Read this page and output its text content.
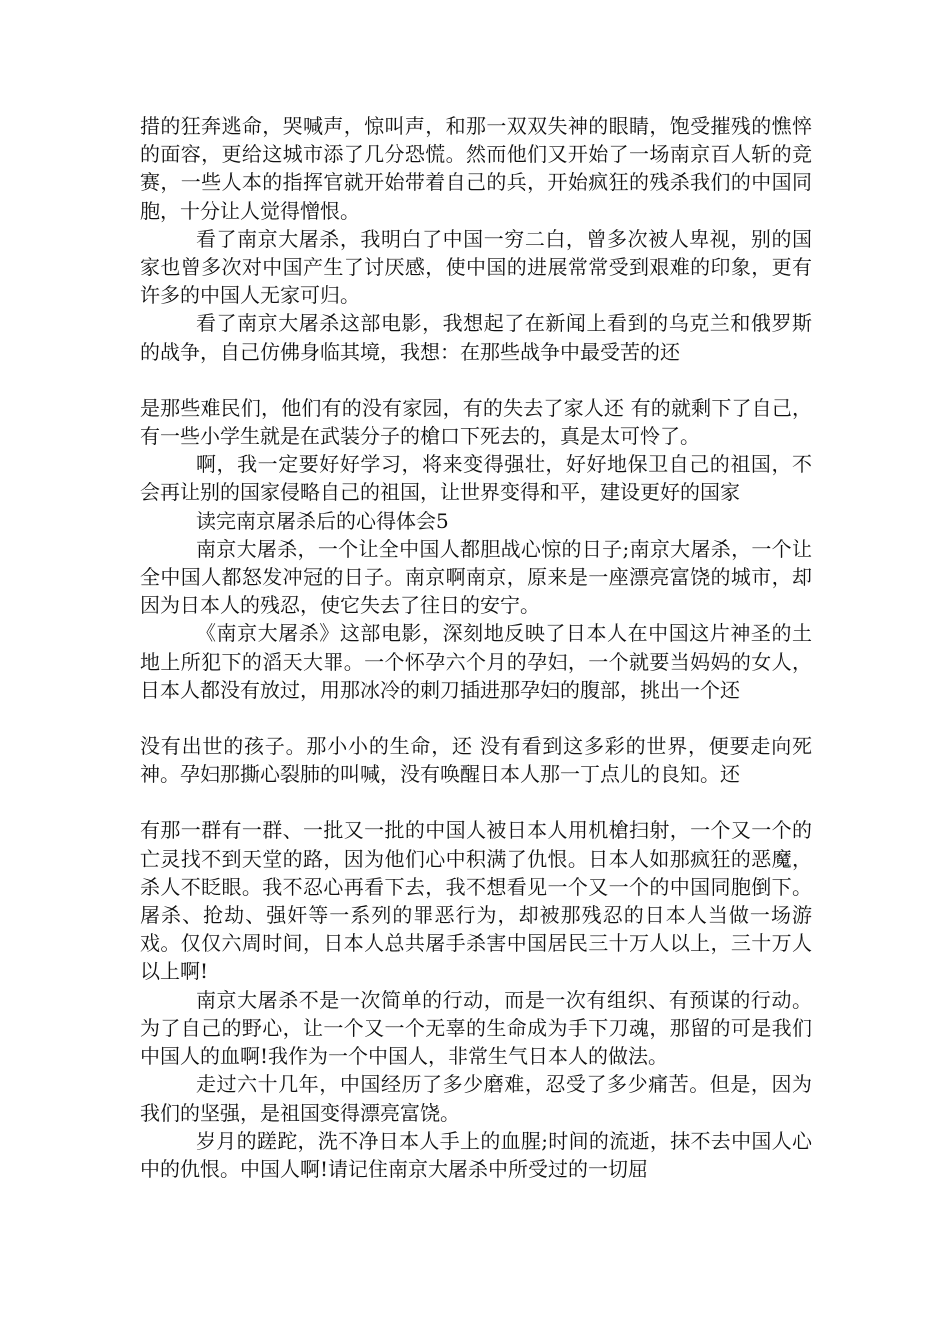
措的狂奔逃命，哭喊声，惊叫声，和那一双双失神的眼睛，饱受摧残的憔悴的面容，更给这城市添了几分恐慌。然而他们又开始了一场南京百人斩的竞赛，一些人本的指挥官就开始带着自己的兵，开始疯狂的残杀我们的中国同胞，十分让人觉得憎恨。

看了南京大屠杀，我明白了中国一穷二白，曾多次被人卑视，别的国家也曾多次对中国产生了讨厌感，使中国的进展常常受到艰难的印象，更有许多的中国人无家可归。

看了南京大屠杀这部电影，我想起了在新闻上看到的乌克兰和俄罗斯的战争，自己仿佛身临其境，我想：在那些战争中最受苦的还

是那些难民们，他们有的没有家园，有的失去了家人还 有的就剩下了自己，有一些小学生就是在武装分子的槍口下死去的，真是太可怜了。

啊，我一定要好好学习，将来变得强壮，好好地保卫自己的祖国，不会再让别的国家侵略自己的祖国，让世界变得和平，建设更好的国家

读完南京屠杀后的心得体会5

南京大屠杀，一个让全中国人都胆战心惊的日子;南京大屠杀，一个让全中国人都怒发冲冠的日子。南京啊南京，原来是一座漂亮富饶的城市，却因为日本人的残忍，使它失去了往日的安宁。

《南京大屠杀》这部电影，深刻地反映了日本人在中国这片神圣的土地上所犯下的滔天大罪。一个怀孕六个月的孕妇，一个就要当妈妈的女人，日本人都没有放过，用那冰冷的刺刀插进那孕妇的腹部，挑出一个还

没有出世的孩子。那小小的生命，还 没有看到这多彩的世界，便要走向死神。孕妇那撕心裂肺的叫喊，没有唤醒日本人那一丁点儿的良知。还

有那一群有一群、一批又一批的中国人被日本人用机槍扫射，一个又一个的亡灵找不到天堂的路，因为他们心中积满了仇恨。日本人如那疯狂的恶魔，杀人不眨眼。我不忍心再看下去，我不想看见一个又一个的中国同胞倒下。屠杀、抢劫、强奸等一系列的罪恶行为，却被那残忍的日本人当做一场游戏。仅仅六周时间，日本人总共屠手杀害中国居民三十万人以上，三十万人以上啊!

南京大屠杀不是一次简单的行动，而是一次有组织、有预谋的行动。为了自己的野心，让一个又一个无辜的生命成为手下刀魂，那留的可是我们中国人的血啊!我作为一个中国人，非常生气日本人的做法。

走过六十几年，中国经历了多少磨难，忍受了多少痛苦。但是，因为我们的坚强，是祖国变得漂亮富饶。

岁月的蹉跎，洗不净日本人手上的血腥;时间的流逝，抹不去中国人心中的仇恨。中国人啊!请记住南京大屠杀中所受过的一切屈
